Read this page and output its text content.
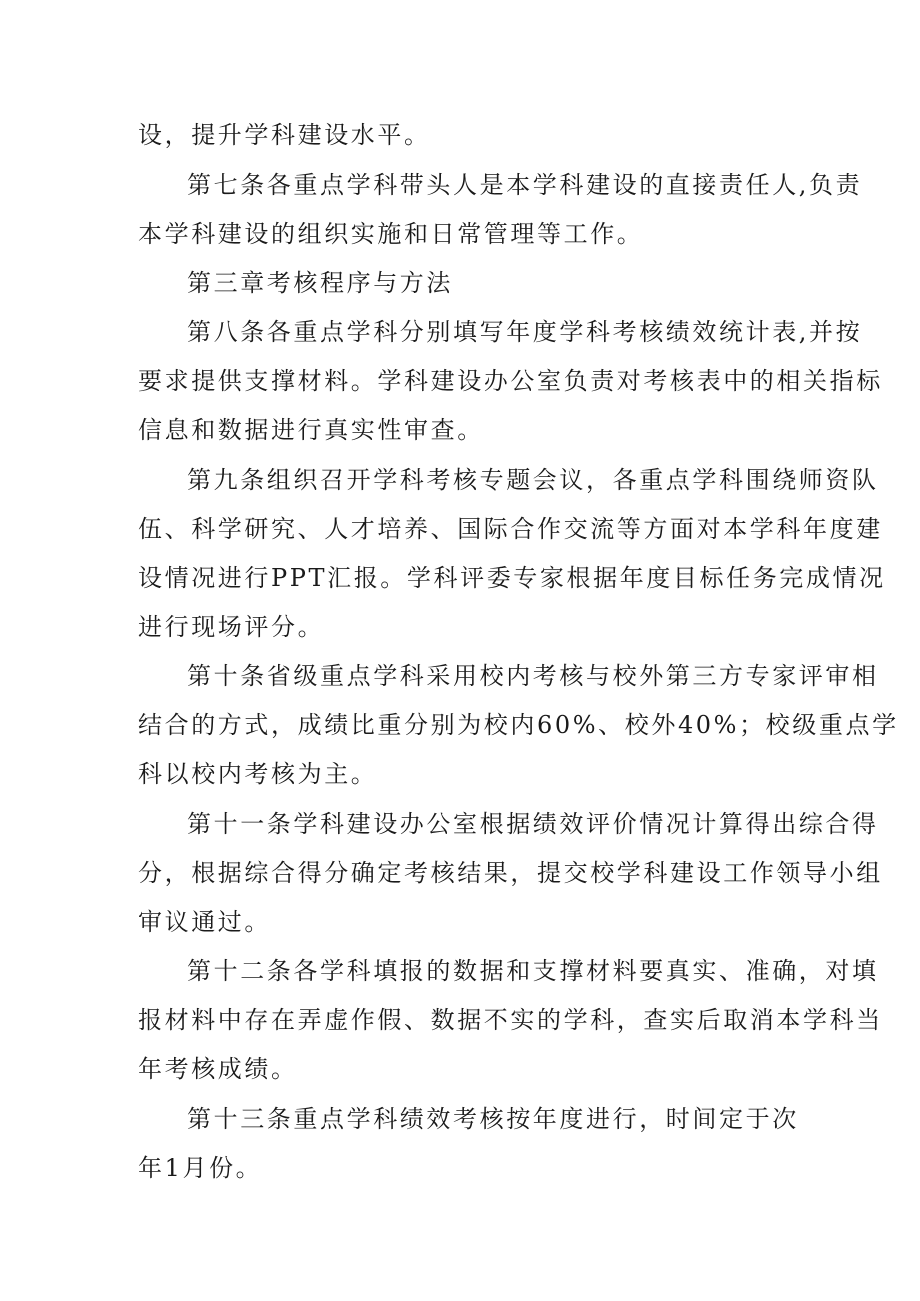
设，提升学科建设水平。
第七条各重点学科带头人是本学科建设的直接责任人,负责
本学科建设的组织实施和日常管理等工作。
第三章考核程序与方法
第八条各重点学科分别填写年度学科考核绩效统计表,并按
要求提供支撑材料。学科建设办公室负责对考核表中的相关指标
信息和数据进行真实性审查。
第九条组织召开学科考核专题会议，各重点学科围绕师资队
伍、科学研究、人才培养、国际合作交流等方面对本学科年度建
设情况进行PPT汇报。学科评委专家根据年度目标任务完成情况
进行现场评分。
第十条省级重点学科采用校内考核与校外第三方专家评审相
结合的方式，成绩比重分别为校内60%、校外40%；校级重点学
科以校内考核为主。
第十一条学科建设办公室根据绩效评价情况计算得出综合得
分，根据综合得分确定考核结果，提交校学科建设工作领导小组
审议通过。
第十二条各学科填报的数据和支撑材料要真实、准确，对填
报材料中存在弄虚作假、数据不实的学科，查实后取消本学科当
年考核成绩。
第十三条重点学科绩效考核按年度进行，时间定于次
年1月份。
